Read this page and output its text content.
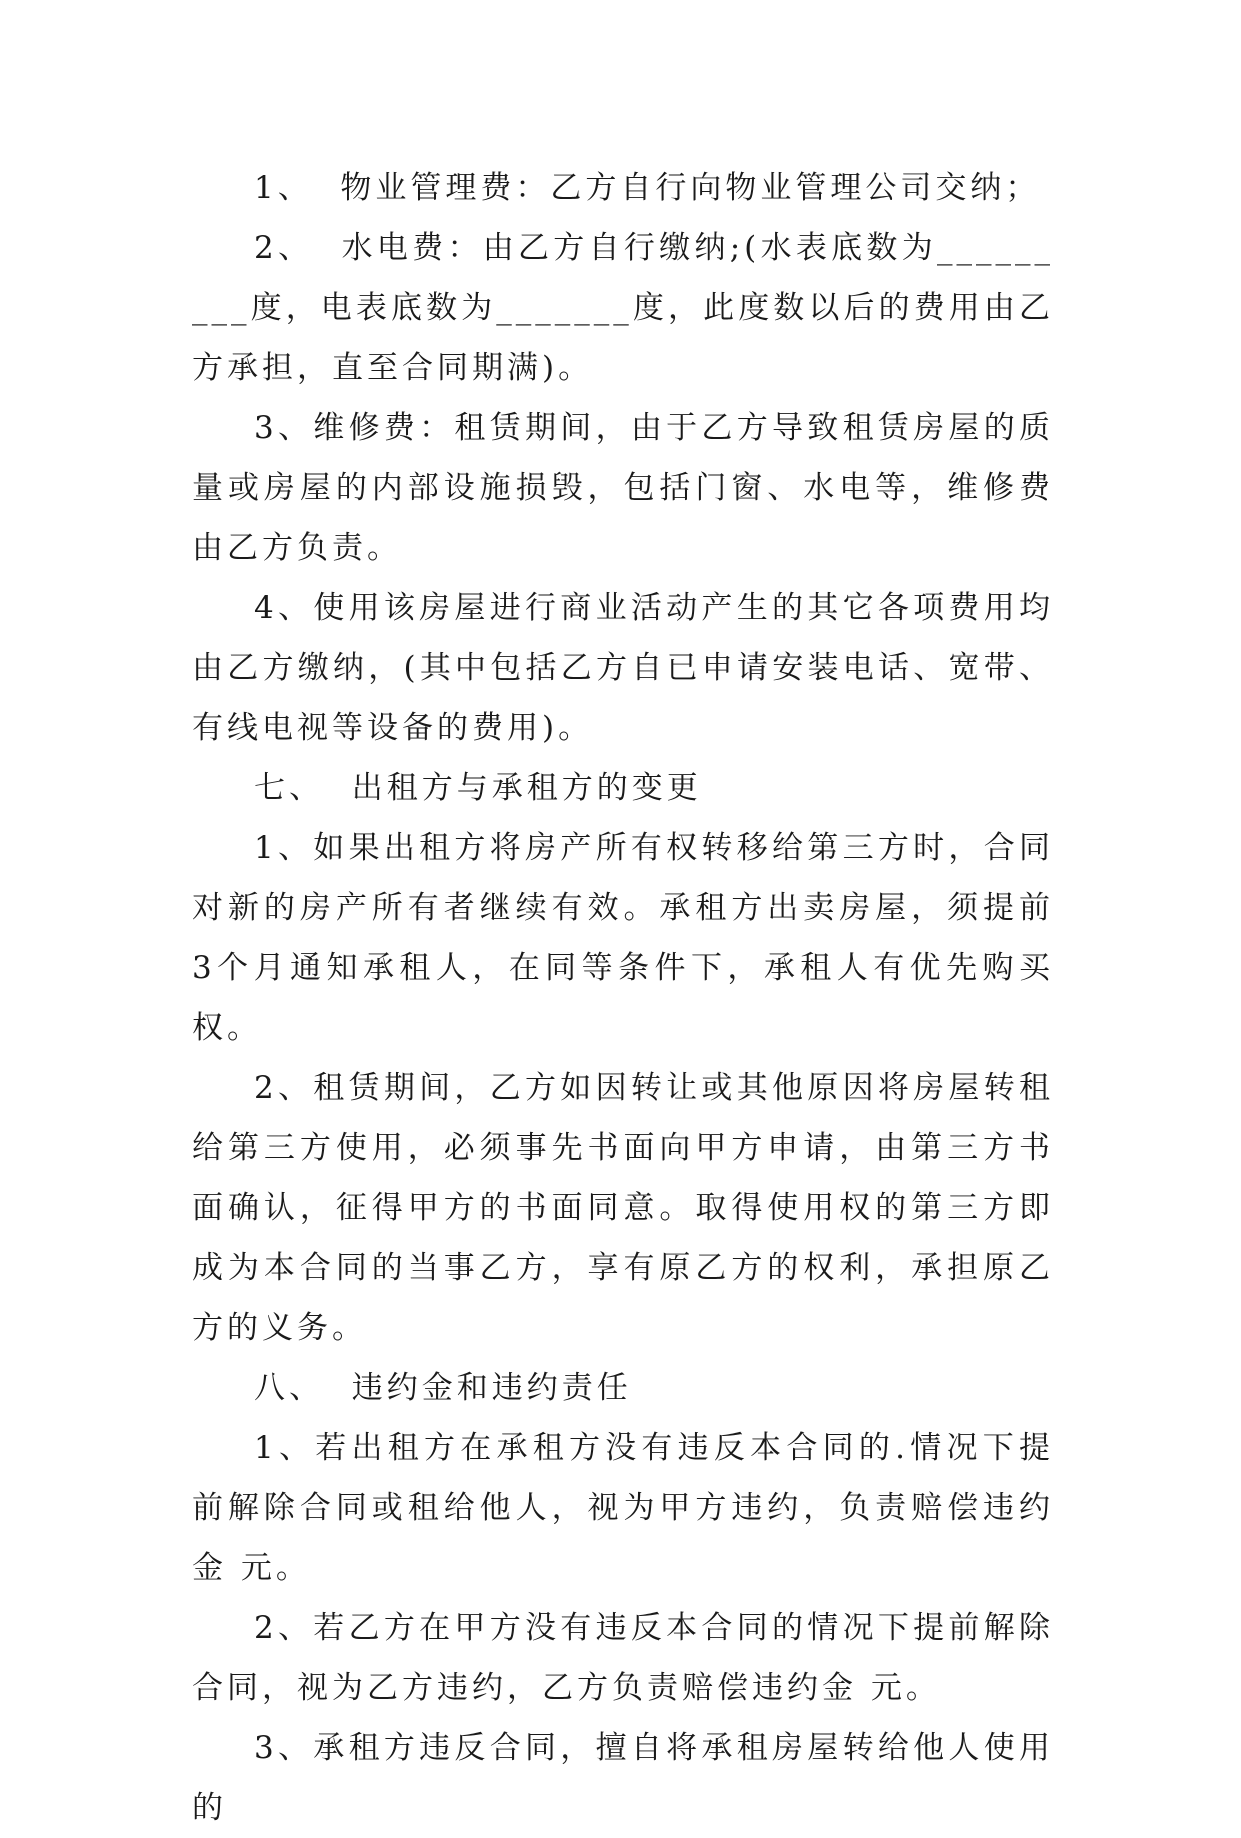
1、  物业管理费：乙方自行向物业管理公司交纳；

2、  水电费：由乙方自行缴纳;(水表底数为_________度，电表底数为_______度，此度数以后的费用由乙方承担，直至合同期满)。

3、维修费：租赁期间，由于乙方导致租赁房屋的质量或房屋的内部设施损毁，包括门窗、水电等，维修费由乙方负责。

4、使用该房屋进行商业活动产生的其它各项费用均由乙方缴纳，(其中包括乙方自已申请安装电话、宽带、有线电视等设备的费用)。

七、  出租方与承租方的变更

1、如果出租方将房产所有权转移给第三方时，合同对新的房产所有者继续有效。承租方出卖房屋，须提前3个月通知承租人，在同等条件下，承租人有优先购买权。

2、租赁期间，乙方如因转让或其他原因将房屋转租给第三方使用，必须事先书面向甲方申请，由第三方书面确认，征得甲方的书面同意。取得使用权的第三方即成为本合同的当事乙方，享有原乙方的权利，承担原乙方的义务。

八、  违约金和违约责任

1、若出租方在承租方没有违反本合同的.情况下提前解除合同或租给他人，视为甲方违约，负责赔偿违约金 元。

2、若乙方在甲方没有违反本合同的情况下提前解除合同，视为乙方违约，乙方负责赔偿违约金 元。

3、承租方违反合同，擅自将承租房屋转给他人使用的
